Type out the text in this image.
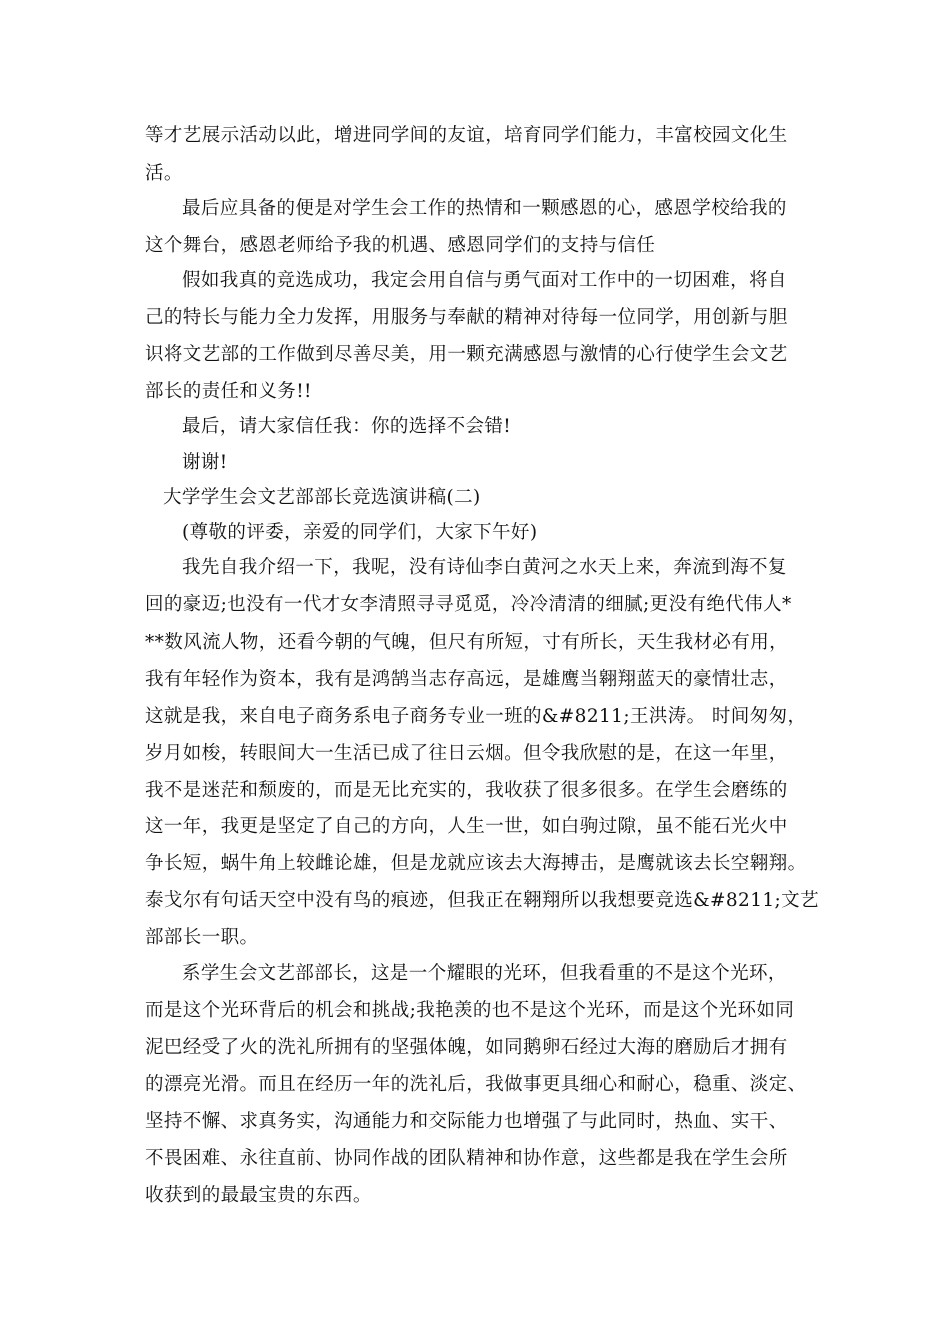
等才艺展示活动以此，增进同学间的友谊，培育同学们能力，丰富校园文化生
活。
最后应具备的便是对学生会工作的热情和一颗感恩的心，感恩学校给我的
这个舞台，感恩老师给予我的机遇、感恩同学们的支持与信任
假如我真的竞选成功，我定会用自信与勇气面对工作中的一切困难，将自
己的特长与能力全力发挥，用服务与奉献的精神对待每一位同学，用创新与胆
识将文艺部的工作做到尽善尽美，用一颗充满感恩与激情的心行使学生会文艺
部长的责任和义务!!
最后，请大家信任我：你的选择不会错!
谢谢!
大学学生会文艺部部长竞选演讲稿(二)
(尊敬的评委，亲爱的同学们，大家下午好)
我先自我介绍一下，我呢，没有诗仙李白黄河之水天上来，奔流到海不复
回的豪迈;也没有一代才女李清照寻寻觅觅，冷冷清清的细腻;更没有绝代伟人*
**数风流人物，还看今朝的气魄，但尺有所短，寸有所长，天生我材必有用，
我有年轻作为资本，我有是鸿鹄当志存高远，是雄鹰当翱翔蓝天的豪情壮志，
这就是我，来自电子商务系电子商务专业一班的&#8211;王洪涛。 时间匆匆，
岁月如梭，转眼间大一生活已成了往日云烟。但令我欣慰的是，在这一年里，
我不是迷茫和颓废的，而是无比充实的，我收获了很多很多。在学生会磨练的
这一年，我更是坚定了自己的方向，人生一世，如白驹过隙，虽不能石光火中
争长短，蜗牛角上较雌论雄，但是龙就应该去大海搏击，是鹰就该去长空翱翔。
泰戈尔有句话天空中没有鸟的痕迹，但我正在翱翔所以我想要竞选&#8211;文艺
部部长一职。
系学生会文艺部部长，这是一个耀眼的光环，但我看重的不是这个光环，
而是这个光环背后的机会和挑战;我艳羡的也不是这个光环，而是这个光环如同
泥巴经受了火的洗礼所拥有的坚强体魄，如同鹅卵石经过大海的磨励后才拥有
的漂亮光滑。而且在经历一年的洗礼后，我做事更具细心和耐心，稳重、淡定、
坚持不懈、求真务实，沟通能力和交际能力也增强了与此同时，热血、实干、
不畏困难、永往直前、协同作战的团队精神和协作意，这些都是我在学生会所
收获到的最最宝贵的东西。
